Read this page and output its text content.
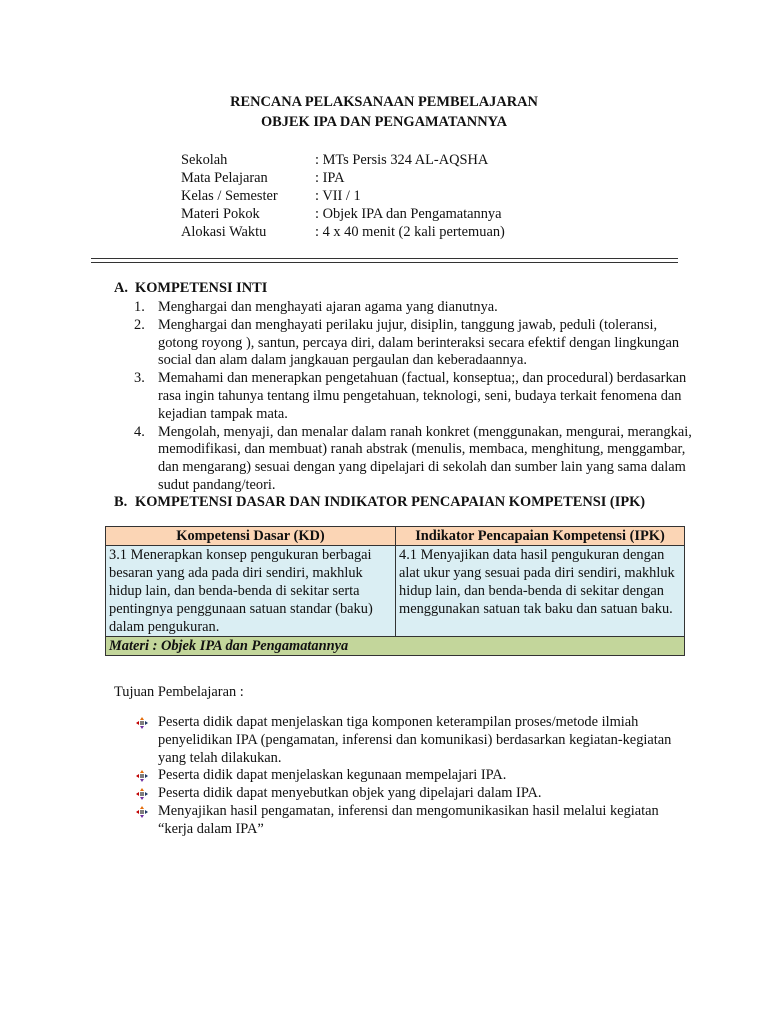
RENCANA PELAKSANAAN PEMBELAJARAN
OBJEK IPA DAN PENGAMATANNYA
Sekolah	: MTs Persis 324 AL-AQSHA
Mata Pelajaran	: IPA
Kelas / Semester	: VII / 1
Materi Pokok	: Objek IPA dan Pengamatannya
Alokasi Waktu	: 4 x 40 menit (2 kali pertemuan)
A. KOMPETENSI INTI
1. Menghargai dan menghayati ajaran agama yang dianutnya.
2. Menghargai dan menghayati perilaku jujur, disiplin, tanggung jawab, peduli (toleransi, gotong royong ), santun, percaya diri, dalam berinteraksi secara efektif dengan lingkungan social dan alam dalam jangkauan pergaulan dan keberadaannya.
3. Memahami dan menerapkan pengetahuan (factual, konseptua;, dan procedural) berdasarkan rasa ingin tahunya tentang ilmu pengetahuan, teknologi, seni, budaya terkait fenomena dan kejadian tampak mata.
4. Mengolah, menyaji, dan menalar dalam ranah konkret (menggunakan, mengurai, merangkai, memodifikasi, dan membuat) ranah abstrak (menulis, membaca, menghitung, menggambar, dan mengarang) sesuai dengan yang dipelajari di sekolah dan sumber lain yang sama dalam sudut pandang/teori.
B. KOMPETENSI DASAR DAN INDIKATOR PENCAPAIAN KOMPETENSI (IPK)
Kompetensi Dasar (KD)	Indikator Pencapaian Kompetensi (IPK)
3.1 Menerapkan konsep pengukuran berbagai besaran yang ada pada diri sendiri, makhluk hidup lain, dan benda-benda di sekitar serta pentingnya penggunaan satuan standar (baku) dalam pengukuran.	4.1 Menyajikan data hasil pengukuran dengan alat ukur yang sesuai pada diri sendiri, makhluk hidup lain, dan benda-benda di sekitar dengan menggunakan satuan tak baku dan satuan baku.
Materi : Objek IPA dan Pengamatannya	
Tujuan Pembelajaran :
Peserta didik dapat menjelaskan tiga komponen keterampilan proses/metode ilmiah penyelidikan IPA (pengamatan, inferensi dan komunikasi) berdasarkan kegiatan-kegiatan yang telah dilakukan.
Peserta didik dapat menjelaskan kegunaan mempelajari IPA.
Peserta didik dapat menyebutkan objek yang dipelajari dalam IPA.
Menyajikan hasil pengamatan, inferensi dan mengomunikasikan hasil melalui kegiatan “kerja dalam IPA”
